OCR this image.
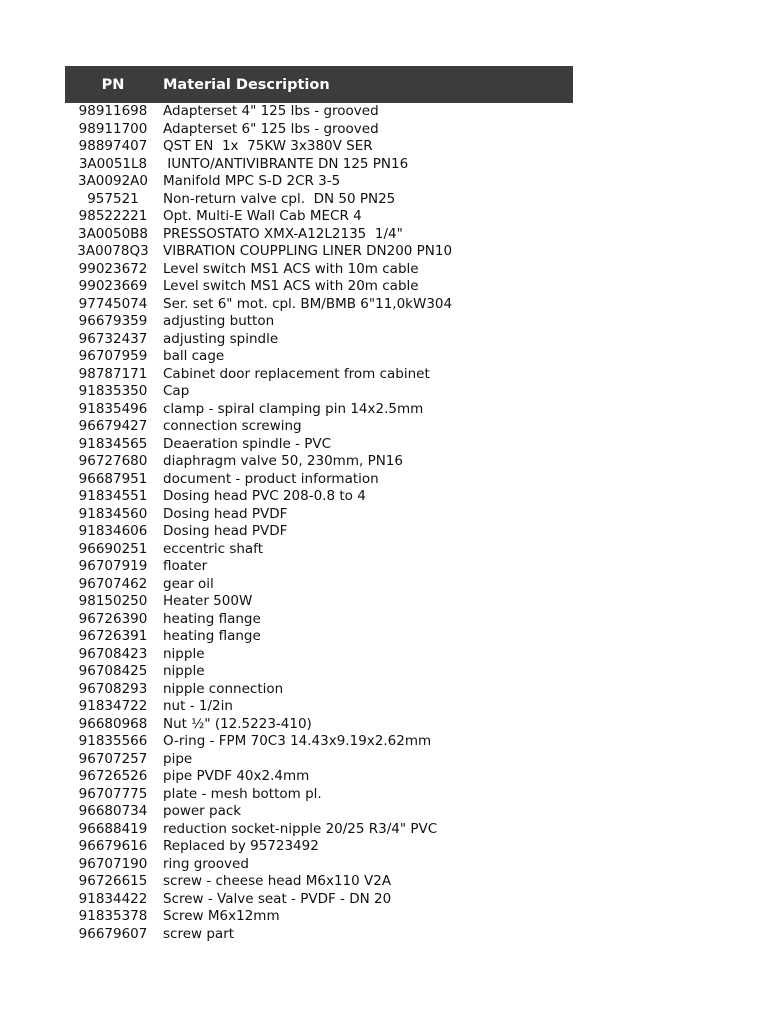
PN	Material Description
98911698	Adapterset 4" 125 lbs - grooved
98911700	Adapterset 6" 125 lbs - grooved
98897407	QST EN  1x  75KW 3x380V SER
3A0051L8	IUNTO/ANTIVIBRANTE DN 125 PN16
3A0092A0	Manifold MPC S-D 2CR 3-5
957521	Non-return valve cpl.  DN 50 PN25
98522221	Opt. Multi-E Wall Cab MECR 4
3A0050B8	PRESSOSTATO XMX-A12L2135  1/4"
3A0078Q3	VIBRATION COUPPLING LINER DN200 PN10
99023672	Level switch MS1 ACS with 10m cable
99023669	Level switch MS1 ACS with 20m cable
97745074	Ser. set 6" mot. cpl. BM/BMB 6"11,0kW304
96679359	adjusting button
96732437	adjusting spindle
96707959	ball cage
98787171	Cabinet door replacement from cabinet
91835350	Cap
91835496	clamp - spiral clamping pin 14x2.5mm
96679427	connection screwing
91834565	Deaeration spindle - PVC
96727680	diaphragm valve 50, 230mm, PN16
96687951	document - product information
91834551	Dosing head PVC 208-0.8 to 4
91834560	Dosing head PVDF
91834606	Dosing head PVDF
96690251	eccentric shaft
96707919	floater
96707462	gear oil
98150250	Heater 500W
96726390	heating flange
96726391	heating flange
96708423	nipple
96708425	nipple
96708293	nipple connection
91834722	nut - 1/2in
96680968	Nut ½" (12.5223-410)
91835566	O-ring - FPM 70C3 14.43x9.19x2.62mm
96707257	pipe
96726526	pipe PVDF 40x2.4mm
96707775	plate - mesh bottom pl.
96680734	power pack
96688419	reduction socket-nipple 20/25 R3/4" PVC
96679616	Replaced by 95723492
96707190	ring grooved
96726615	screw - cheese head M6x110 V2A
91834422	Screw - Valve seat - PVDF - DN 20
91835378	Screw M6x12mm
96679607	screw part
